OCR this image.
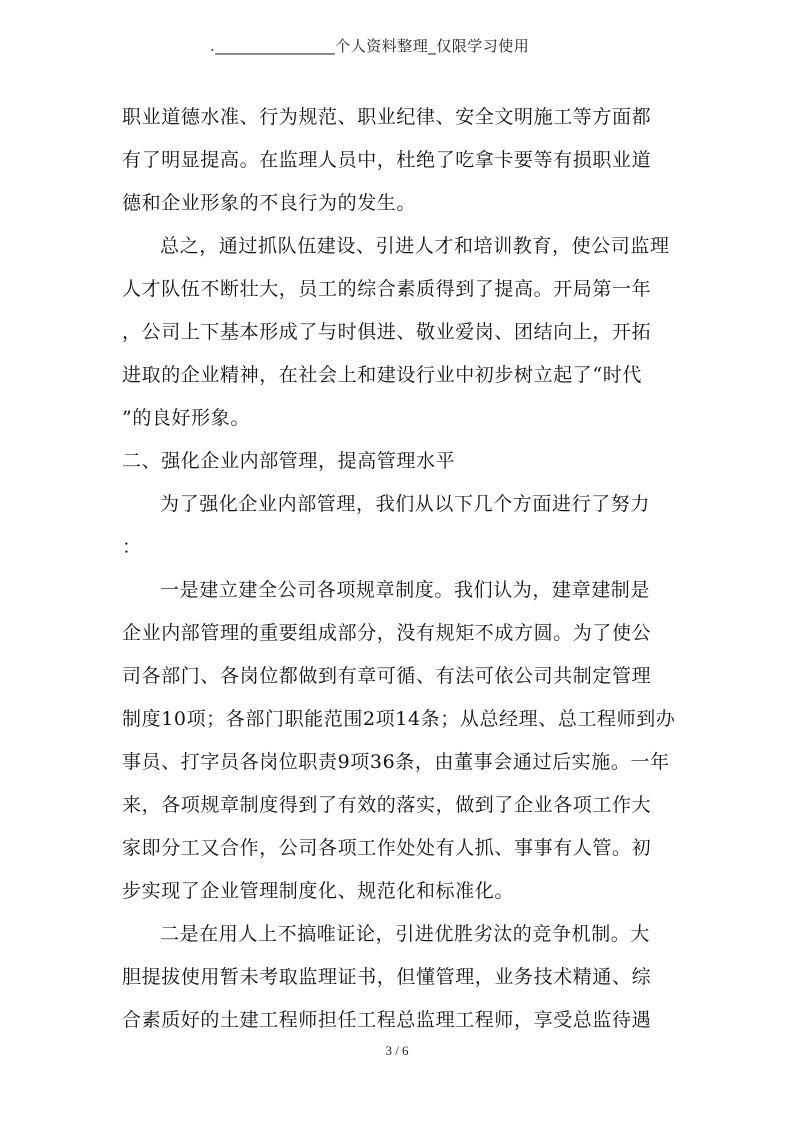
._______________个人资料整理_仅限学习使用
职业道德水准、行为规范、职业纪律、安全文明施工等方面都
有了明显提高。在监理人员中，杜绝了吃拿卡要等有损职业道
德和企业形象的不良行为的发生。
总之，通过抓队伍建设、引进人才和培训教育，使公司监理
人才队伍不断壮大，员工的综合素质得到了提高。开局第一年
，公司上下基本形成了与时俱进、敬业爱岗、团结向上，开拓
进取的企业精神，在社会上和建设行业中初步树立起了“时代
”的良好形象。
二、强化企业内部管理，提高管理水平
为了强化企业内部管理，我们从以下几个方面进行了努力
：
一是建立建全公司各项规章制度。我们认为，建章建制是
企业内部管理的重要组成部分，没有规矩不成方圆。为了使公
司各部门、各岗位都做到有章可循、有法可依公司共制定管理
制度10项；各部门职能范围2项14条；从总经理、总工程师到办
事员、打字员各岗位职责9项36条，由董事会通过后实施。一年
来，各项规章制度得到了有效的落实，做到了企业各项工作大
家即分工又合作，公司各项工作处处有人抓、事事有人管。初
步实现了企业管理制度化、规范化和标准化。
二是在用人上不搞唯证论，引进优胜劣汰的竞争机制。大
胆提拔使用暂未考取监理证书，但懂管理，业务技术精通、综
合素质好的土建工程师担任工程总监理工程师，享受总监待遇
3 / 6
